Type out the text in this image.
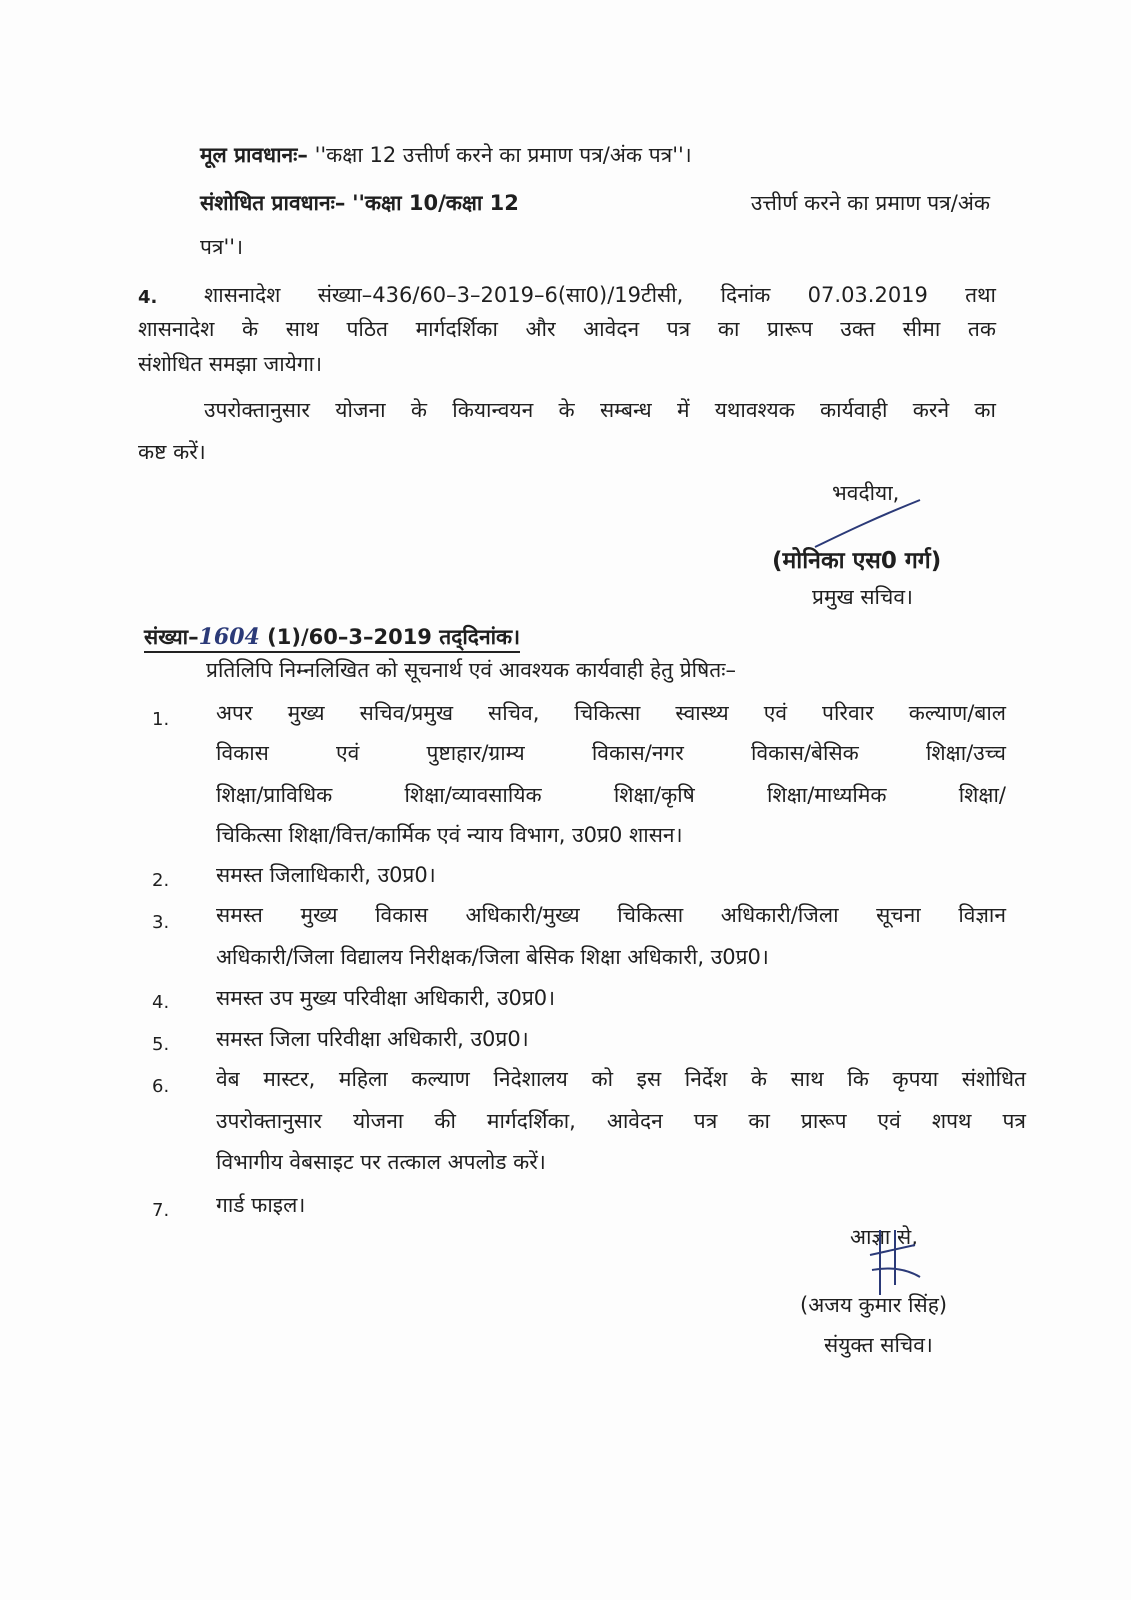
मूल प्रावधानः– ''कक्षा 12 उत्तीर्ण करने का प्रमाण पत्र/अंक पत्र''।
संशोधित प्रावधानः– ''कक्षा 10/कक्षा 12	उत्तीर्ण करने का प्रमाण पत्र/अंक
पत्र''।
4. शासनादेश संख्या–436/60–3–2019–6(सा0)/19टीसी, दिनांक 07.03.2019 तथा
शासनादेश के साथ पठित मार्गदर्शिका और आवेदन पत्र का प्रारूप उक्त सीमा तक
संशोधित समझा जायेगा।
उपरोक्तानुसार योजना के कियान्वयन के सम्बन्ध में यथावश्यक कार्यवाही करने का
कष्ट करें।
भवदीया,
(मोनिका एस0 गर्ग)
प्रमुख सचिव।
संख्या–1604 (1)/60–3–2019 तद्‌दिनांक।
प्रतिलिपि निम्नलिखित को सूचनार्थ एवं आवश्यक कार्यवाही हेतु प्रेषितः–
1. अपर मुख्य सचिव/प्रमुख सचिव, चिकित्सा स्वास्थ्य एवं परिवार कल्याण/बाल
विकास एवं पुष्टाहार/ग्राम्य विकास/नगर विकास/बेसिक शिक्षा/उच्च
शिक्षा/प्राविधिक शिक्षा/व्यावसायिक शिक्षा/कृषि शिक्षा/माध्यमिक शिक्षा/
चिकित्सा शिक्षा/वित्त/कार्मिक एवं न्याय विभाग, उ0प्र0 शासन।
2. समस्त जिलाधिकारी, उ0प्र0।
3. समस्त मुख्य विकास अधिकारी/मुख्य चिकित्सा अधिकारी/जिला सूचना विज्ञान
अधिकारी/जिला विद्यालय निरीक्षक/जिला बेसिक शिक्षा अधिकारी, उ0प्र0।
4. समस्त उप मुख्य परिवीक्षा अधिकारी, उ0प्र0।
5. समस्त जिला परिवीक्षा अधिकारी, उ0प्र0।
6. वेब मास्टर, महिला कल्याण निदेशालय को इस निर्देश के साथ कि कृपया संशोधित
उपरोक्तानुसार योजना की मार्गदर्शिका, आवेदन पत्र का प्रारूप एवं शपथ पत्र
विभागीय वेबसाइट पर तत्काल अपलोड करें।
7. गार्ड फाइल।
आज्ञा से,
(अजय कुमार सिंह)
संयुक्त सचिव।
